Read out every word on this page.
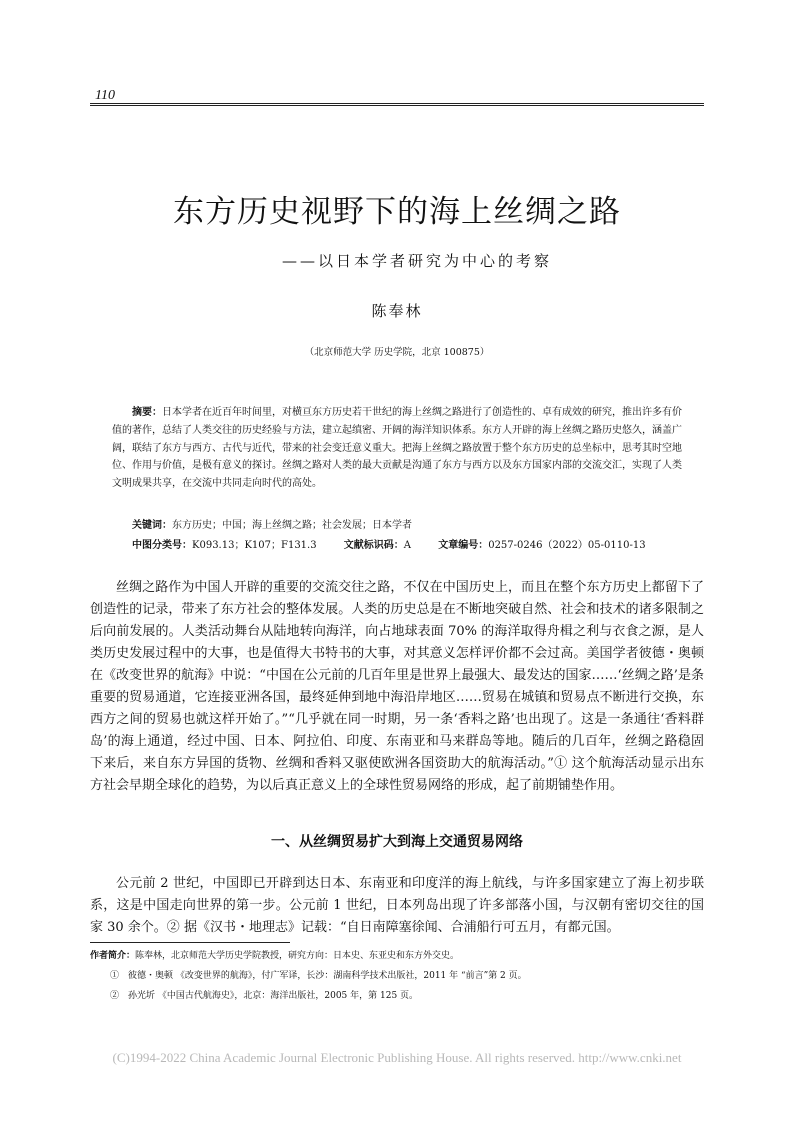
110
东方历史视野下的海上丝绸之路
——以日本学者研究为中心的考察
陈奉林
（北京师范大学 历史学院，北京 100875）
摘要：日本学者在近百年时间里，对横亘东方历史若干世纪的海上丝绸之路进行了创造性的、卓有成效的研究，推出许多有价值的著作，总结了人类交往的历史经验与方法，建立起缜密、开阔的海洋知识体系。东方人开辟的海上丝绸之路历史悠久，涵盖广阔，联结了东方与西方、古代与近代，带来的社会变迁意义重大。把海上丝绸之路放置于整个东方历史的总坐标中，思考其时空地位、作用与价值，是极有意义的探讨。丝绸之路对人类的最大贡献是沟通了东方与西方以及东方国家内部的交流交汇，实现了人类文明成果共享，在交流中共同走向时代的高处。
关键词：东方历史；中国；海上丝绸之路；社会发展；日本学者
中图分类号：K093.13；K107；F131.3	文献标识码：A	文章编号：0257-0246（2022）05-0110-13

丝绸之路作为中国人开辟的重要的交流交往之路，不仅在中国历史上，而且在整个东方历史上都留下了创造性的记录，带来了东方社会的整体发展。人类的历史总是在不断地突破自然、社会和技术的诸多限制之后向前发展的。人类活动舞台从陆地转向海洋，向占地球表面 70% 的海洋取得舟楫之利与衣食之源，是人类历史发展过程中的大事，也是值得大书特书的大事，对其意义怎样评价都不会过高。美国学者彼德・奥顿在《改变世界的航海》中说：“中国在公元前的几百年里是世界上最强大、最发达的国家……‘丝绸之路’是条重要的贸易通道，它连接亚洲各国，最终延伸到地中海沿岸地区……贸易在城镇和贸易点不断进行交换，东西方之间的贸易也就这样开始了。”“几乎就在同一时期，另一条‘香料之路’也出现了。这是一条通往‘香料群岛’的海上通道，经过中国、日本、阿拉伯、印度、东南亚和马来群岛等地。随后的几百年，丝绸之路稳固下来后，来自东方异国的货物、丝绸和香料又驱使欧洲各国资助大的航海活动。”① 这个航海活动显示出东方社会早期全球化的趋势，为以后真正意义上的全球性贸易网络的形成，起了前期铺垫作用。

一、从丝绸贸易扩大到海上交通贸易网络

公元前 2 世纪，中国即已开辟到达日本、东南亚和印度洋的海上航线，与许多国家建立了海上初步联系，这是中国走向世界的第一步。公元前 1 世纪，日本列岛出现了许多部落小国，与汉朝有密切交往的国家 30 余个。② 据《汉书・地理志》记载：“自日南障塞徐闻、合浦船行可五月，有都元国。

作者简介：陈奉林，北京师范大学历史学院教授，研究方向：日本史、东亚史和东方外交史。

①　彼德・奥顿 《改变世界的航海》，付广军译，长沙：湖南科学技术出版社，2011 年 “前言”第 2 页。

②　孙光圻 《中国古代航海史》，北京：海洋出版社，2005 年，第 125 页。

(C)1994-2022 China Academic Journal Electronic Publishing House. All rights reserved. http://www.cnki.net
